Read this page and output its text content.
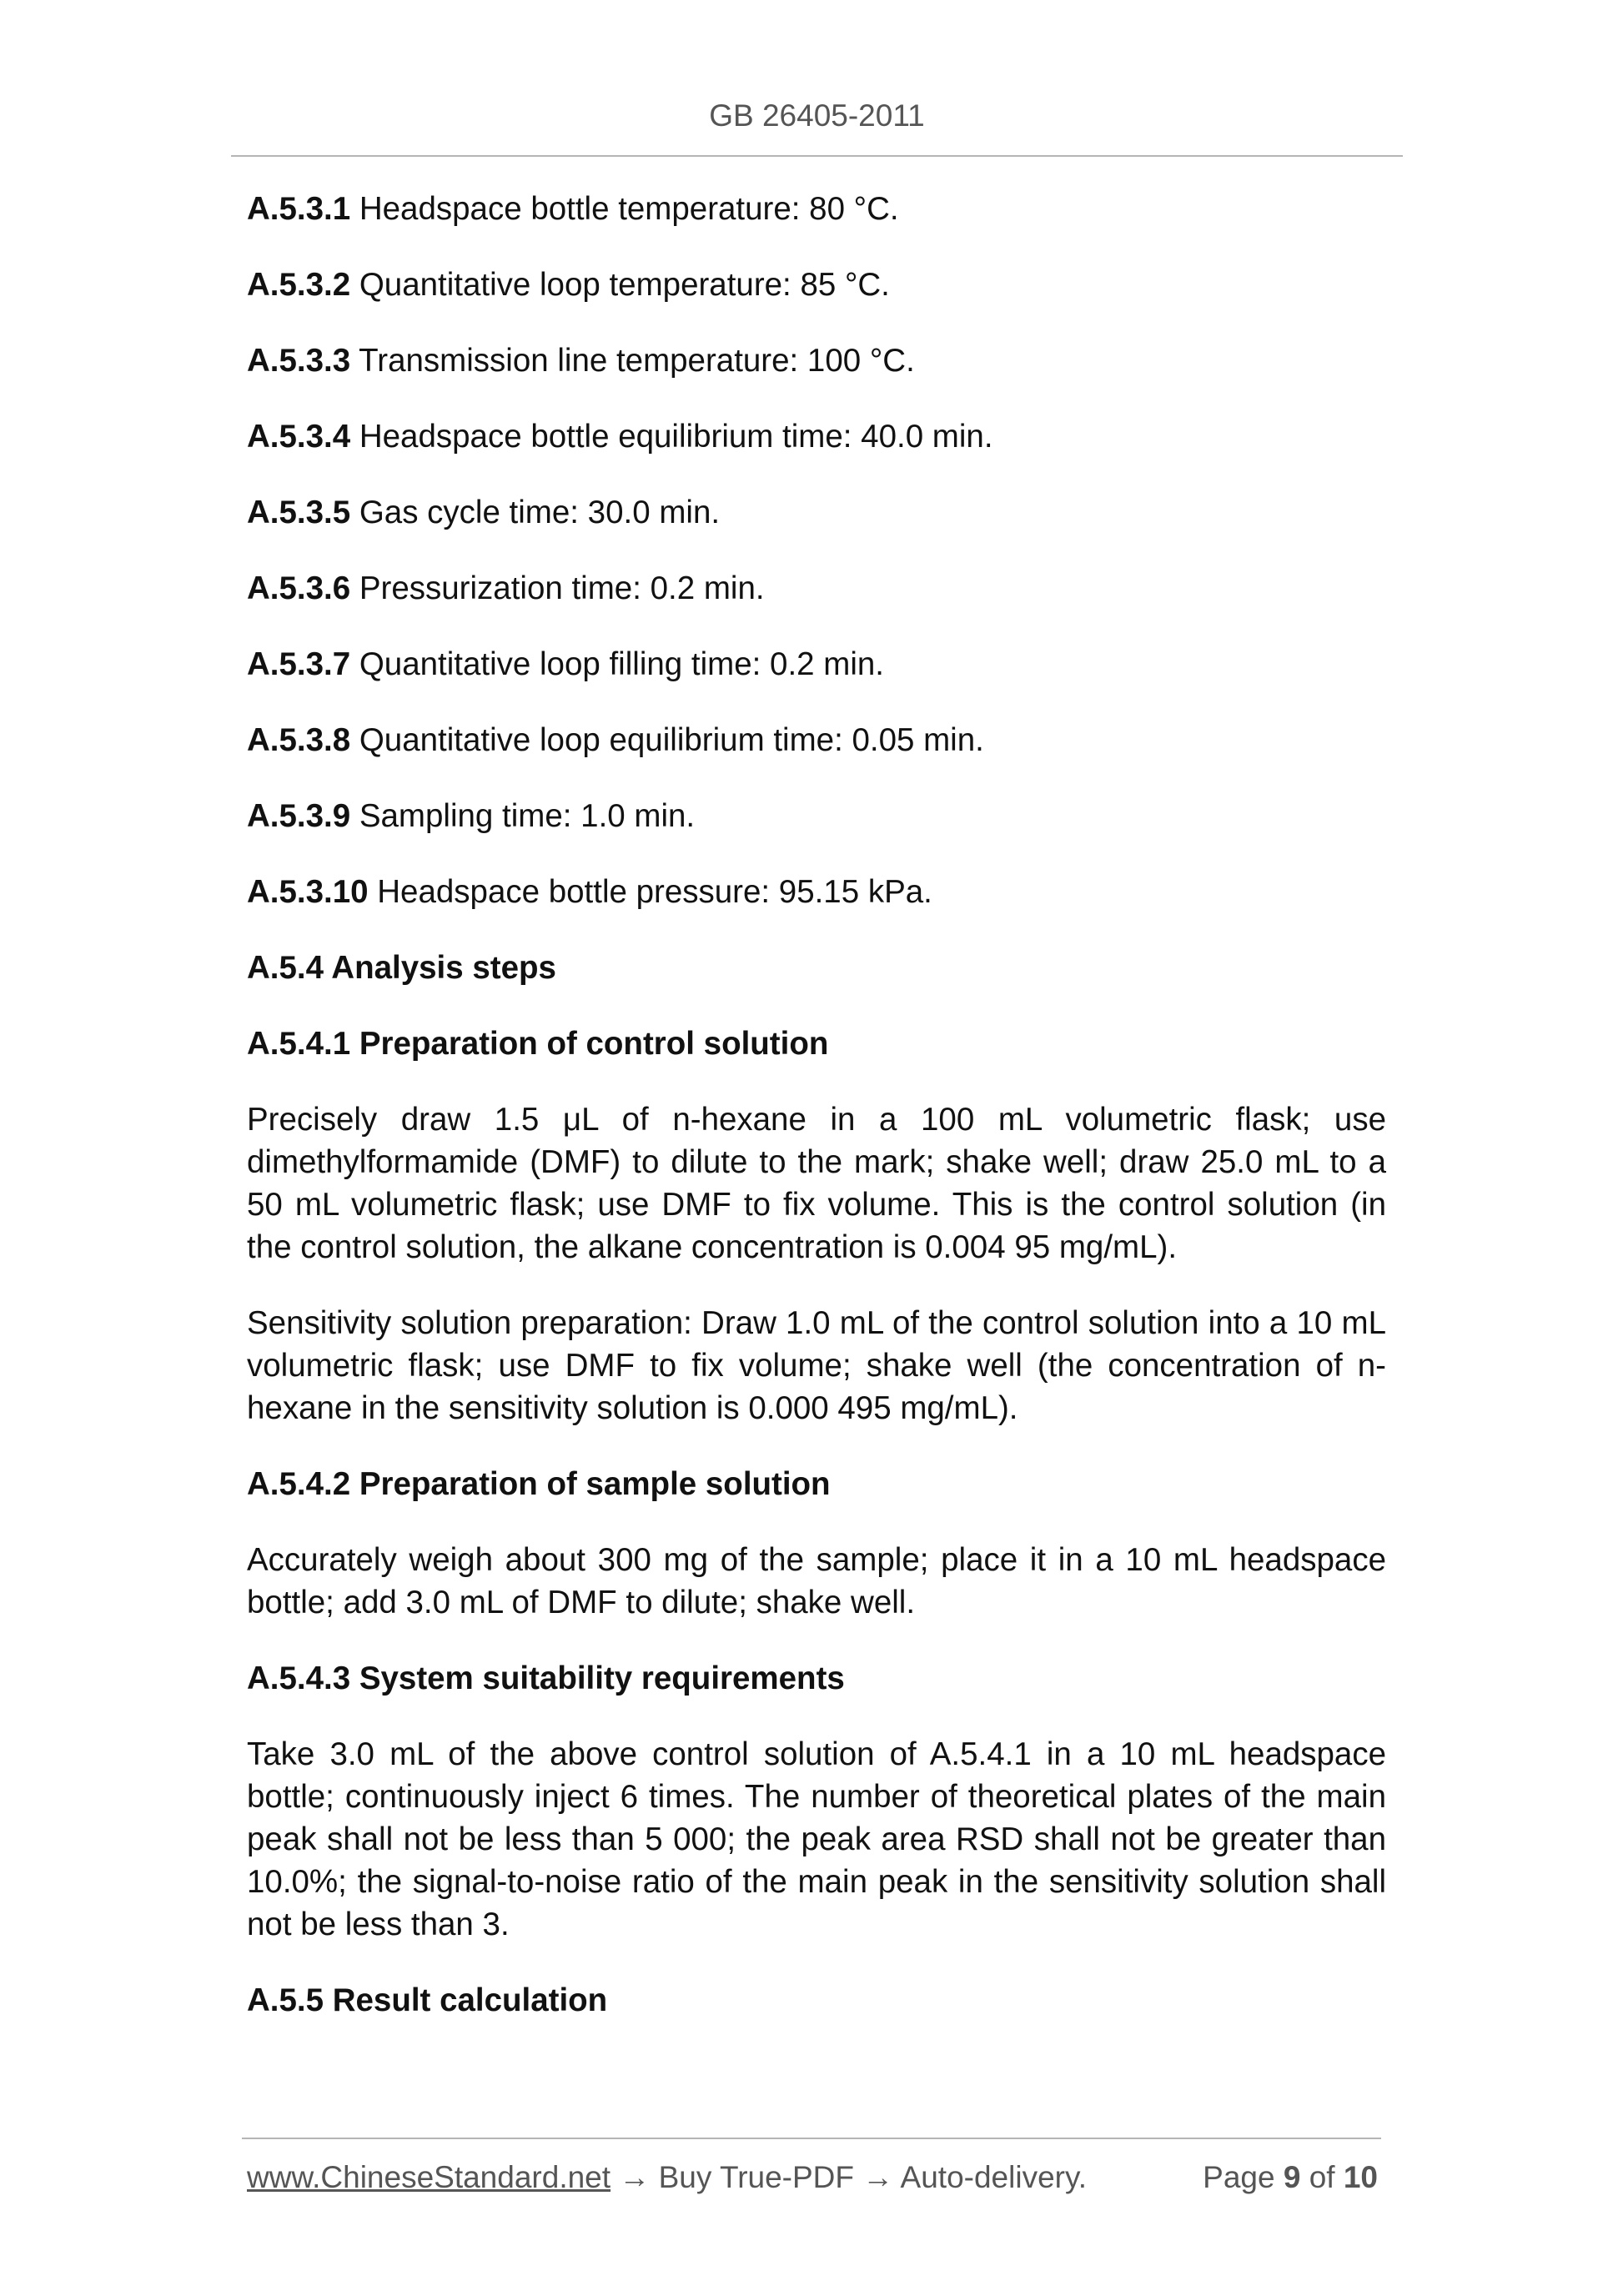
GB 26405-2011
A.5.3.1 Headspace bottle temperature: 80 °C.
A.5.3.2 Quantitative loop temperature: 85 °C.
A.5.3.3 Transmission line temperature: 100 °C.
A.5.3.4 Headspace bottle equilibrium time: 40.0 min.
A.5.3.5 Gas cycle time: 30.0 min.
A.5.3.6 Pressurization time: 0.2 min.
A.5.3.7 Quantitative loop filling time: 0.2 min.
A.5.3.8 Quantitative loop equilibrium time: 0.05 min.
A.5.3.9 Sampling time: 1.0 min.
A.5.3.10 Headspace bottle pressure: 95.15 kPa.
A.5.4 Analysis steps
A.5.4.1 Preparation of control solution
Precisely draw 1.5 μL of n-hexane in a 100 mL volumetric flask; use dimethylformamide (DMF) to dilute to the mark; shake well; draw 25.0 mL to a 50 mL volumetric flask; use DMF to fix volume. This is the control solution (in the control solution, the alkane concentration is 0.004 95 mg/mL).
Sensitivity solution preparation: Draw 1.0 mL of the control solution into a 10 mL volumetric flask; use DMF to fix volume; shake well (the concentration of n-hexane in the sensitivity solution is 0.000 495 mg/mL).
A.5.4.2 Preparation of sample solution
Accurately weigh about 300 mg of the sample; place it in a 10 mL headspace bottle; add 3.0 mL of DMF to dilute; shake well.
A.5.4.3 System suitability requirements
Take 3.0 mL of the above control solution of A.5.4.1 in a 10 mL headspace bottle; continuously inject 6 times. The number of theoretical plates of the main peak shall not be less than 5 000; the peak area RSD shall not be greater than 10.0%; the signal-to-noise ratio of the main peak in the sensitivity solution shall not be less than 3.
A.5.5 Result calculation
www.ChineseStandard.net → Buy True-PDF → Auto-delivery.	Page 9 of 10
